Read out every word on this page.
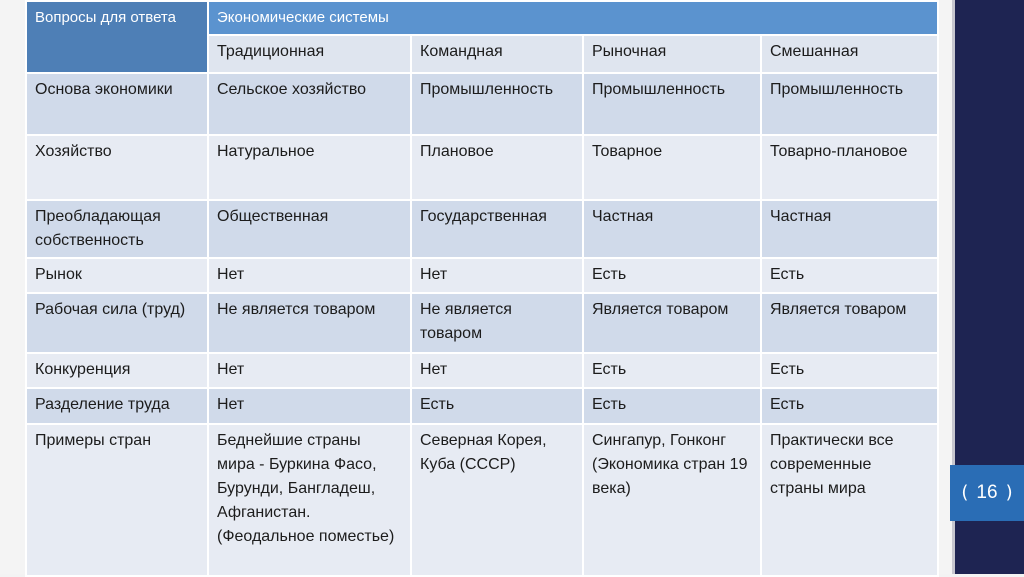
( 16 )
Вопросы для ответа	Экономические системы			
	Традиционная	Командная	Рыночная	Смешанная
Основа экономики	Сельское хозяйство	Промышленность	Промышленность	Промышленность
Хозяйство	Натуральное	Плановое	Товарное	Товарно-плановое
Преобладающая собственность	Общественная	Государственная	Частная	Частная
Рынок	Нет	Нет	Есть	Есть
Рабочая сила (труд)	Не является товаром	Не является товаром	Является товаром	Является товаром
Конкуренция	Нет	Нет	Есть	Есть
Разделение труда	Нет	Есть	Есть	Есть
Примеры стран	Беднейшие страны мира - Буркина Фасо, Бурунди, Бангладеш, Афганистан. (Феодальное поместье)	Северная Корея, Куба (СССР)	Сингапур, Гонконг (Экономика стран 19 века)	Практически все современные страны мира
